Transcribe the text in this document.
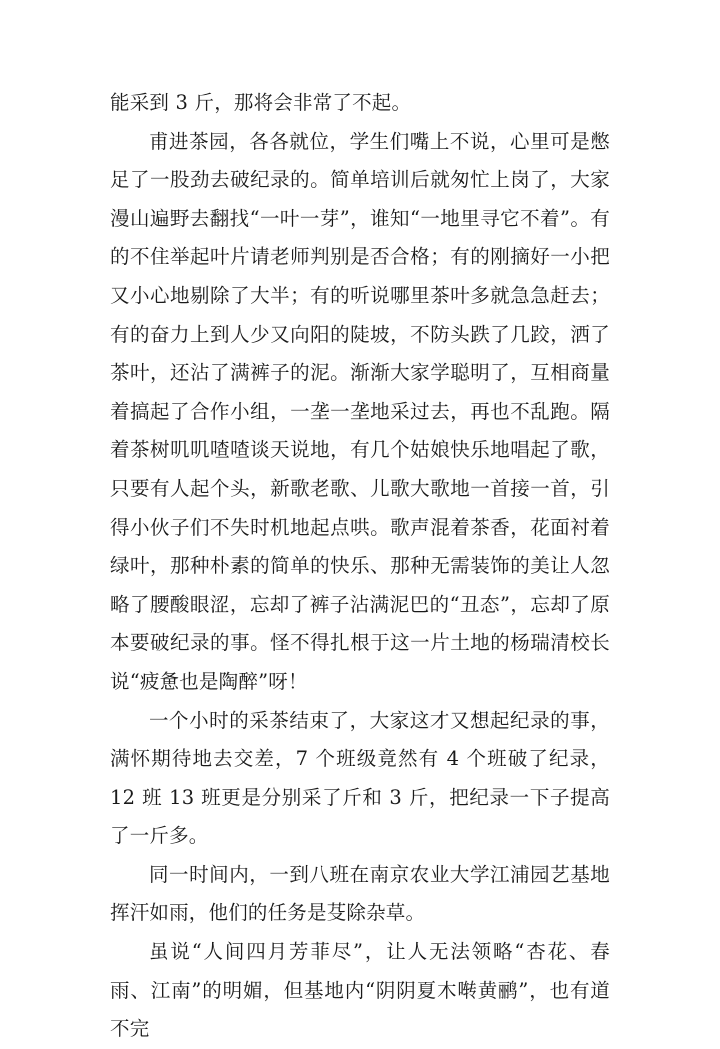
能采到 3 斤，那将会非常了不起。

甫进茶园，各各就位，学生们嘴上不说，心里可是憋足了一股劲去破纪录的。简单培训后就匆忙上岗了，大家漫山遍野去翻找“一叶一芽”，谁知“一地里寻它不着”。有的不住举起叶片请老师判别是否合格；有的刚摘好一小把又小心地剔除了大半；有的听说哪里茶叶多就急急赶去；有的奋力上到人少又向阳的陡坡，不防头跌了几跤，洒了茶叶，还沾了满裤子的泥。渐渐大家学聪明了，互相商量着搞起了合作小组，一垄一垄地采过去，再也不乱跑。隔着茶树叽叽喳喳谈天说地，有几个姑娘快乐地唱起了歌，只要有人起个头，新歌老歌、儿歌大歌地一首接一首，引得小伙子们不失时机地起点哄。歌声混着茶香，花面衬着绿叶，那种朴素的简单的快乐、那种无需装饰的美让人忽略了腰酸眼涩，忘却了裤子沾满泥巴的“丑态”，忘却了原本要破纪录的事。怪不得扎根于这一片土地的杨瑞清校长说“疲惫也是陶醉”呀！

一个小时的采茶结束了，大家这才又想起纪录的事，满怀期待地去交差，7 个班级竟然有 4 个班破了纪录，12 班 13 班更是分别采了斤和 3 斤，把纪录一下子提高了一斤多。

同一时间内，一到八班在南京农业大学江浦园艺基地挥汗如雨，他们的任务是芟除杂草。

虽说“人间四月芳菲尽”，让人无法领略“杏花、春雨、江南”的明媚，但基地内“阴阴夏木啭黄鹂”，也有道不完
